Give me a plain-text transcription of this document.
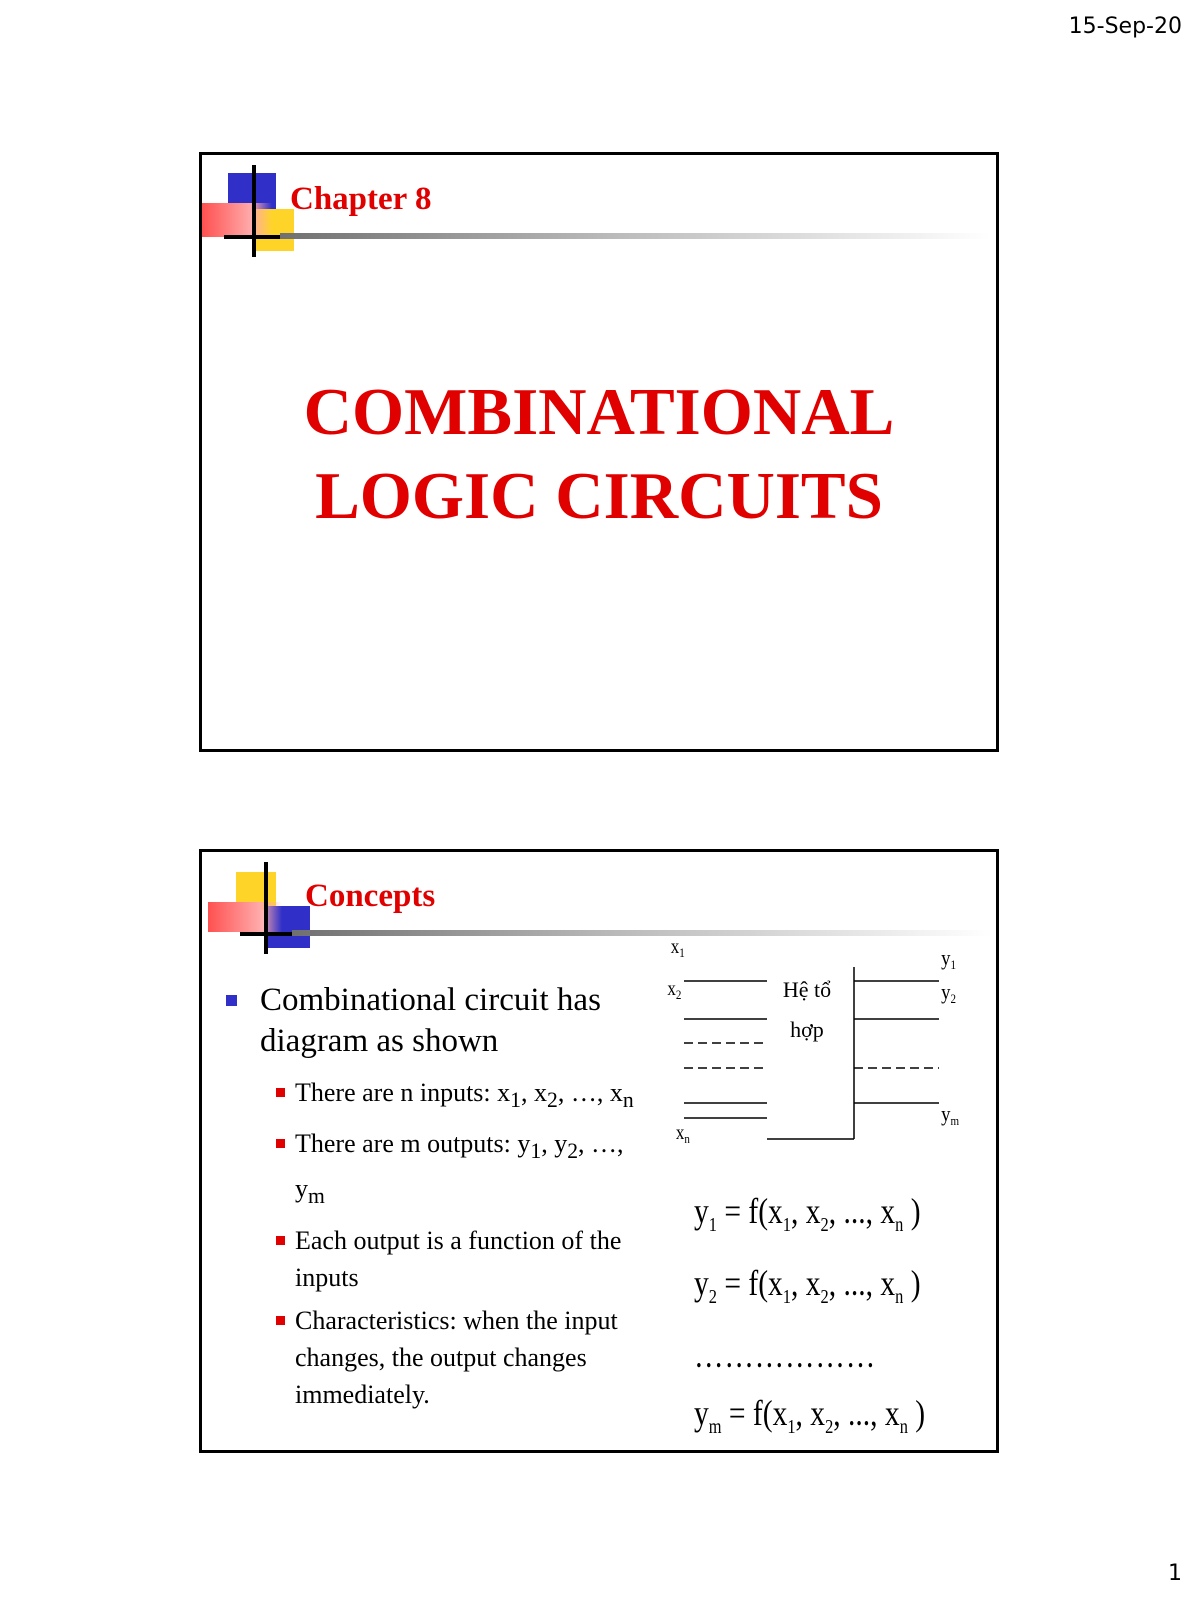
15-Sep-20
Chapter 8
COMBINATIONAL
LOGIC CIRCUITS
Concepts
Combinational circuit has diagram as shown
There are n inputs: $x_1$, $x_2$, …, $x_n$
There are m outputs: $y_1$, $y_2$, …, $y_m$
Each output is a function of the inputs
Characteristics: when the input changes, the output changes immediately.
$x_1$
$x_2$
$x_n$
Hệ tổ
hợp
y1
y2
ym
$y_1 = f(x_1$, $x_2$, ..., $x_n$ )
$y_2 = f(x_1$, $x_2$, ..., $x_n$ )
………………
$y_m = f(x_1$, $x_2$, ..., $x_n$ )
1
